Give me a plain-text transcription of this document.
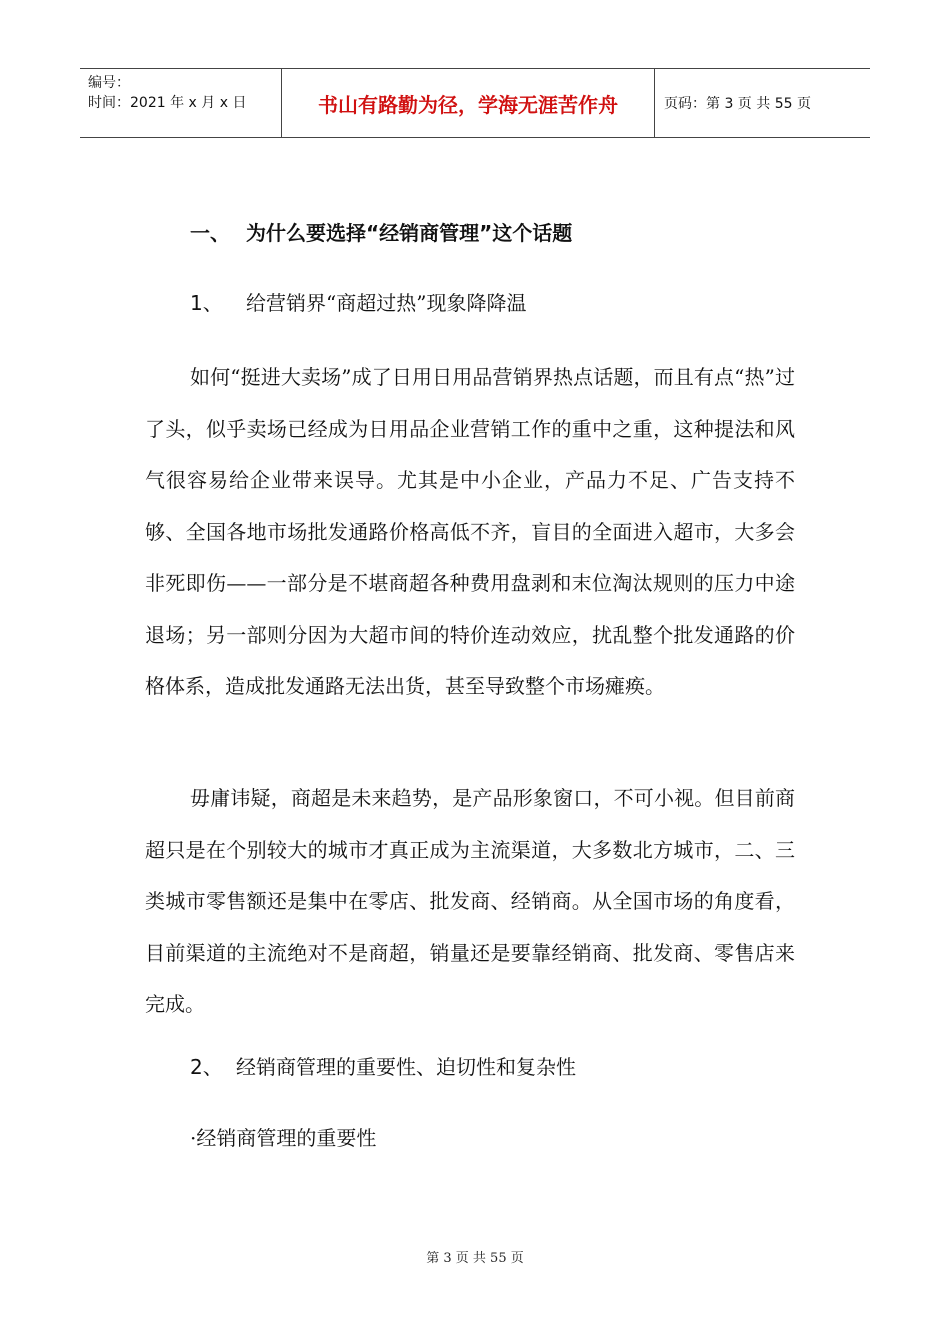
编号：
时间：2021 年 x 月 x 日	书山有路勤为径，学海无涯苦作舟	页码：第 3 页 共 55 页
一、 为什么要选择“经销商管理”这个话题
1、 给营销界“商超过热”现象降降温
如何“挺进大卖场”成了日用日用品营销界热点话题，而且有点“热”过了头，似乎卖场已经成为日用品企业营销工作的重中之重，这种提法和风气很容易给企业带来误导。尤其是中小企业，产品力不足、广告支持不够、全国各地市场批发通路价格高低不齐，盲目的全面进入超市，大多会非死即伤——一部分是不堪商超各种费用盘剥和末位淘汰规则的压力中途退场；另一部则分因为大超市间的特价连动效应，扰乱整个批发通路的价格体系，造成批发通路无法出货，甚至导致整个市场瘫痪。
毋庸讳疑，商超是未来趋势，是产品形象窗口，不可小视。但目前商超只是在个别较大的城市才真正成为主流渠道，大多数北方城市，二、三类城市零售额还是集中在零店、批发商、经销商。从全国市场的角度看，目前渠道的主流绝对不是商超，销量还是要靠经销商、批发商、零售店来完成。
2、 经销商管理的重要性、迫切性和复杂性
·经销商管理的重要性
第 3 页 共 55 页
